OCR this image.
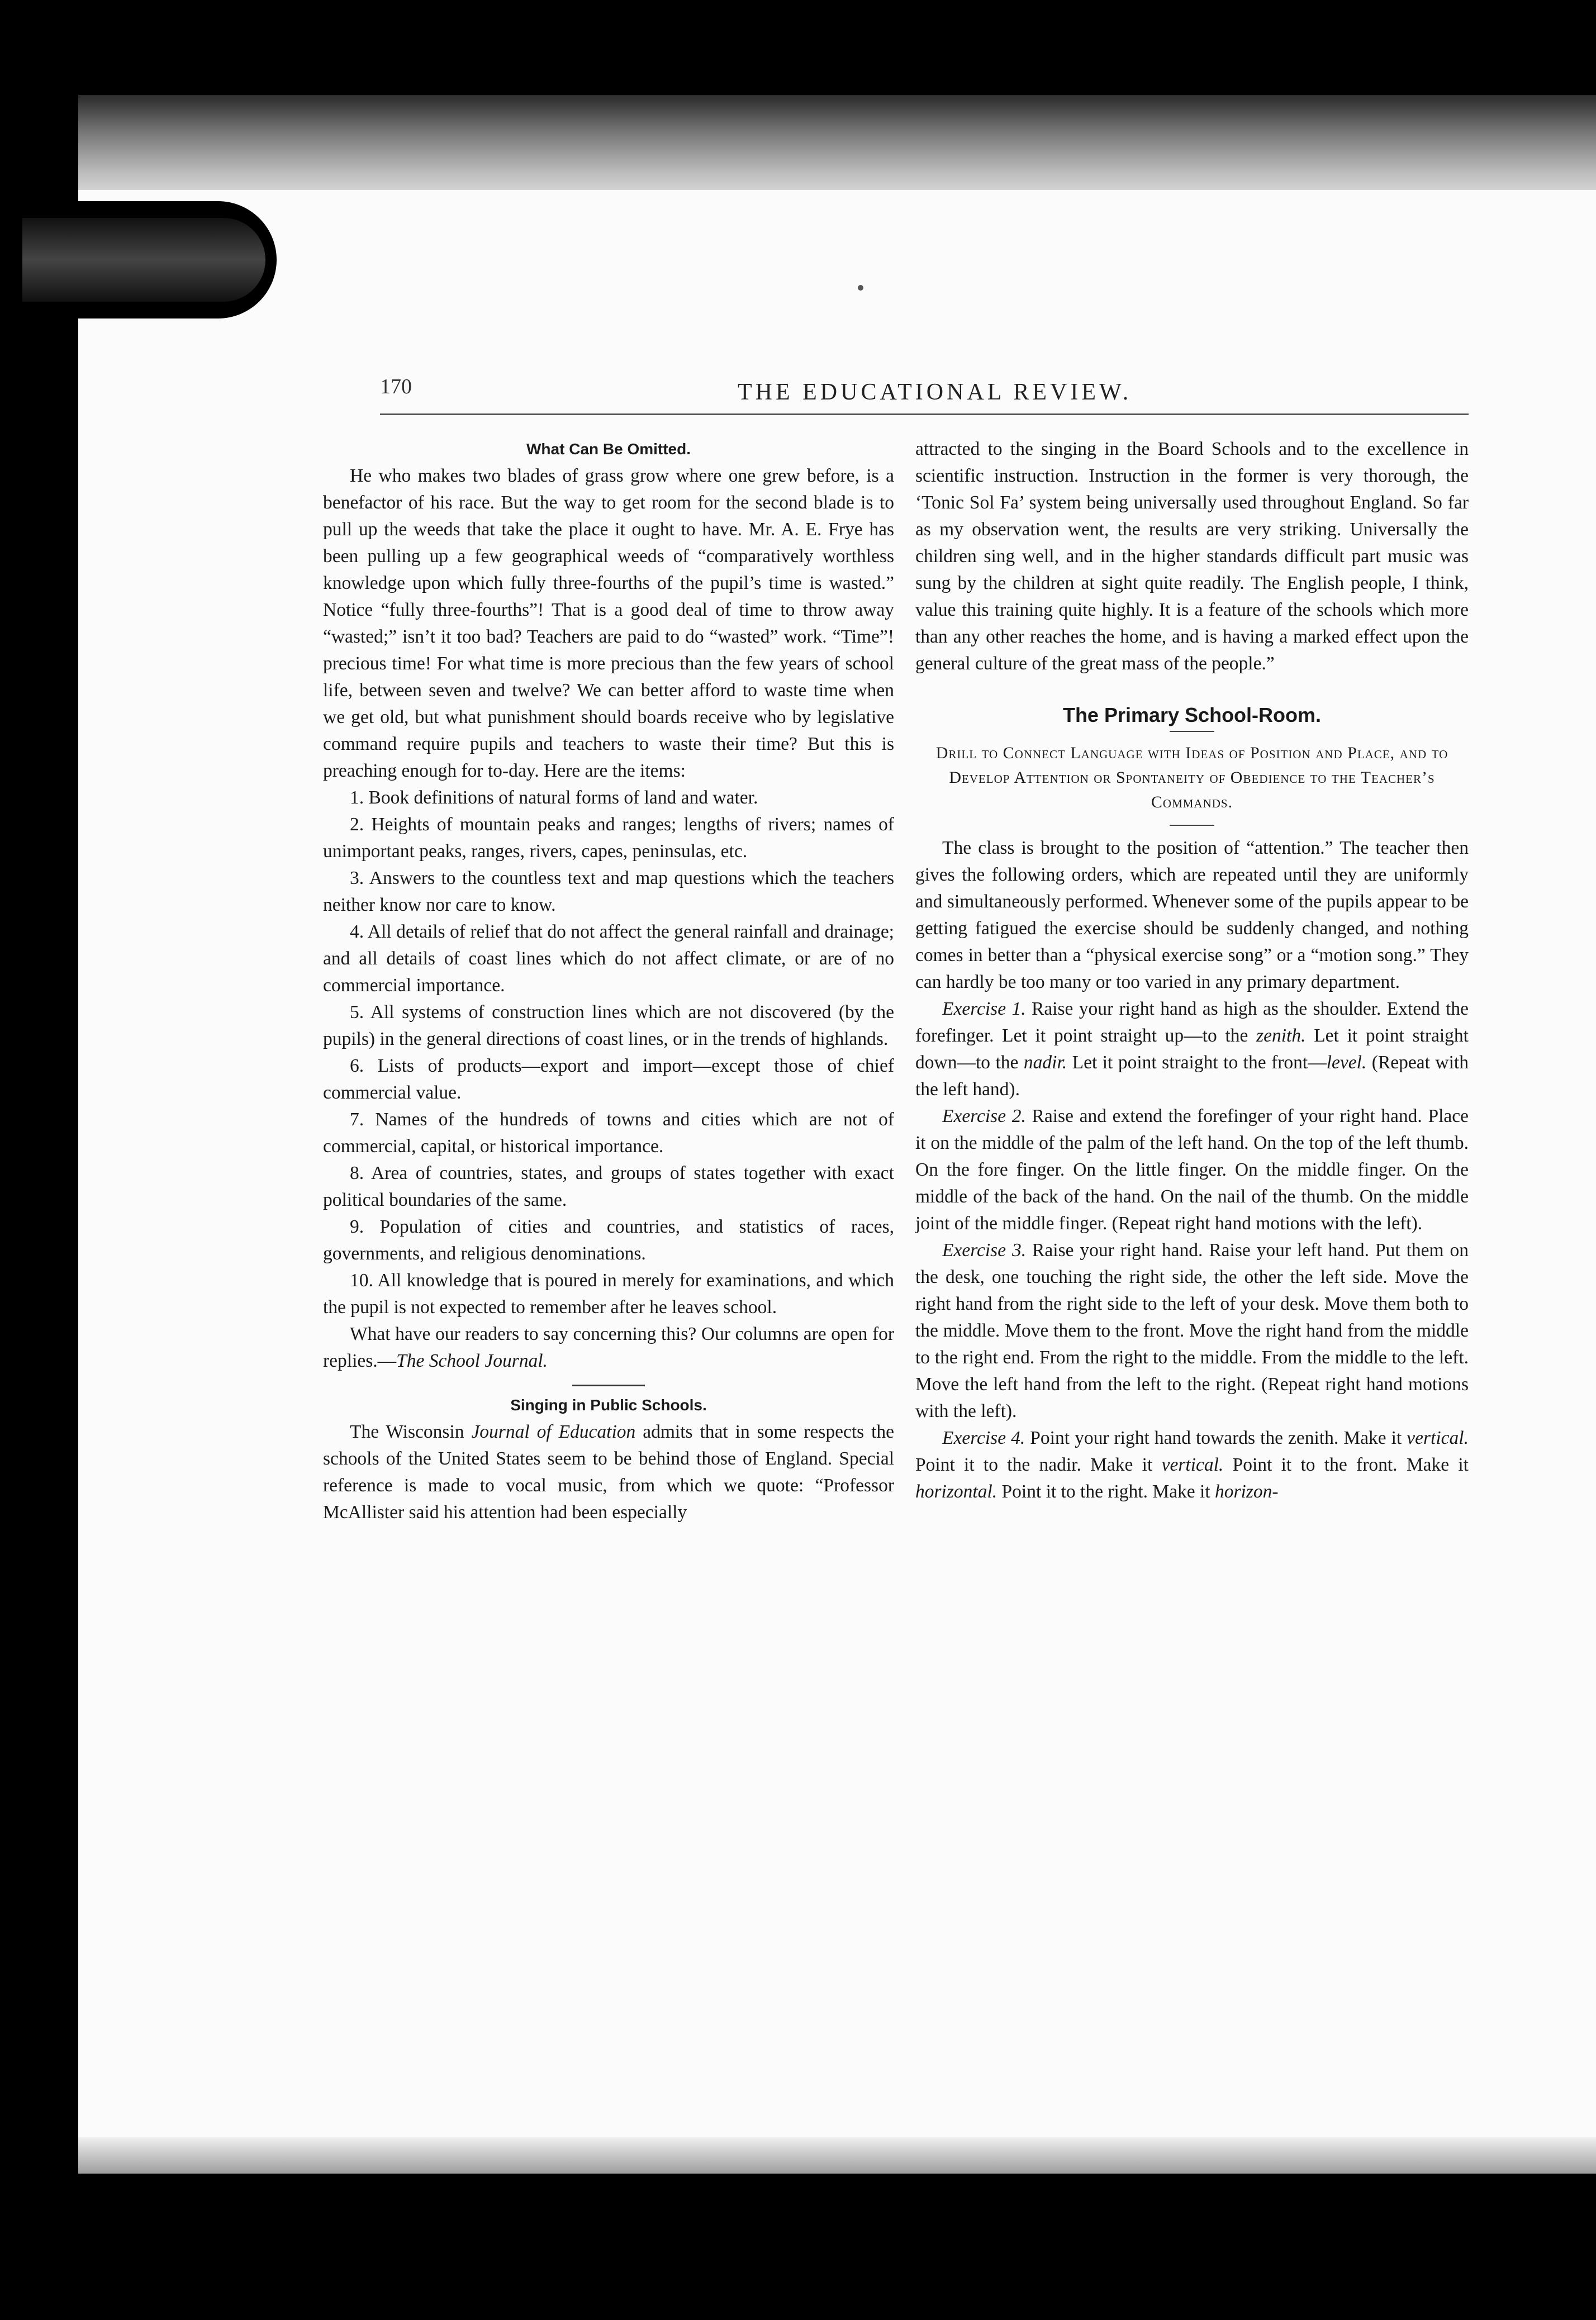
170	THE EDUCATIONAL REVIEW.
What Can Be Omitted.

He who makes two blades of grass grow where one grew before, is a benefactor of his race. But the way to get room for the second blade is to pull up the weeds that take the place it ought to have. Mr. A. E. Frye has been pulling up a few geographical weeds of “comparatively worthless knowledge upon which fully three-fourths of the pupil’s time is wasted.” Notice “fully three-fourths”! That is a good deal of time to throw away “wasted;” isn’t it too bad? Teachers are paid to do “wasted” work. “Time”! precious time! For what time is more precious than the few years of school life, between seven and twelve? We can better afford to waste time when we get old, but what punishment should boards receive who by legislative command require pupils and teachers to waste their time? But this is preaching enough for to-day. Here are the items:

1. Book definitions of natural forms of land and water.

2. Heights of mountain peaks and ranges; lengths of rivers; names of unimportant peaks, ranges, rivers, capes, peninsulas, etc.

3. Answers to the countless text and map questions which the teachers neither know nor care to know.

4. All details of relief that do not affect the general rainfall and drainage; and all details of coast lines which do not affect climate, or are of no commercial importance.

5. All systems of construction lines which are not discovered (by the pupils) in the general directions of coast lines, or in the trends of highlands.

6. Lists of products—export and import—except those of chief commercial value.

7. Names of the hundreds of towns and cities which are not of commercial, capital, or historical importance.

8. Area of countries, states, and groups of states together with exact political boundaries of the same.

9. Population of cities and countries, and statistics of races, governments, and religious denominations.

10. All knowledge that is poured in merely for examinations, and which the pupil is not expected to remember after he leaves school.

What have our readers to say concerning this? Our columns are open for replies.—The School Journal.

Singing in Public Schools.

The Wisconsin Journal of Education admits that in some respects the schools of the United States seem to be behind those of England. Special reference is made to vocal music, from which we quote: “Professor McAllister said his attention had been especially

attracted to the singing in the Board Schools and to the excellence in scientific instruction. Instruction in the former is very thorough, the ‘Tonic Sol Fa’ system being universally used throughout England. So far as my observation went, the results are very striking. Universally the children sing well, and in the higher standards difficult part music was sung by the children at sight quite readily. The English people, I think, value this training quite highly. It is a feature of the schools which more than any other reaches the home, and is having a marked effect upon the general culture of the great mass of the people.”

The Primary School-Room.
Drill to Connect Language with Ideas of Position and Place, and to Develop Attention or Spontaneity of Obedience to the Teacher’s Commands.

The class is brought to the position of “attention.” The teacher then gives the following orders, which are repeated until they are uniformly and simultaneously performed. Whenever some of the pupils appear to be getting fatigued the exercise should be suddenly changed, and nothing comes in better than a “physical exercise song” or a “motion song.” They can hardly be too many or too varied in any primary department.

Exercise 1. Raise your right hand as high as the shoulder. Extend the forefinger. Let it point straight up—to the zenith. Let it point straight down—to the nadir. Let it point straight to the front—level. (Repeat with the left hand).

Exercise 2. Raise and extend the forefinger of your right hand. Place it on the middle of the palm of the left hand. On the top of the left thumb. On the fore finger. On the little finger. On the middle finger. On the middle of the back of the hand. On the nail of the thumb. On the middle joint of the middle finger. (Repeat right hand motions with the left).

Exercise 3. Raise your right hand. Raise your left hand. Put them on the desk, one touching the right side, the other the left side. Move the right hand from the right side to the left of your desk. Move them both to the middle. Move them to the front. Move the right hand from the middle to the right end. From the right to the middle. From the middle to the left. Move the left hand from the left to the right. (Repeat right hand motions with the left).

Exercise 4. Point your right hand towards the zenith. Make it vertical. Point it to the nadir. Make it vertical. Point it to the front. Make it horizontal. Point it to the right. Make it horizon-
